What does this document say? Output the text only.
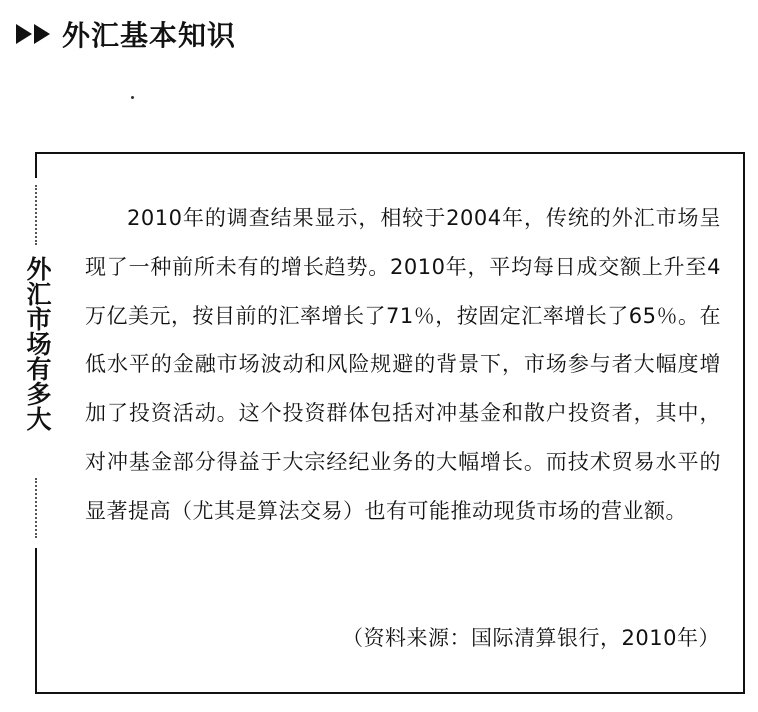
外汇基本知识
外汇市场有多大

2010年的调查结果显示，相较于2004年，传统的外汇市场呈现了一种前所未有的增长趋势。2010年，平均每日成交额上升至4万亿美元，按目前的汇率增长了71％，按固定汇率增长了65％。在低水平的金融市场波动和风险规避的背景下，市场参与者大幅度增加了投资活动。这个投资群体包括对冲基金和散户投资者，其中，对冲基金部分得益于大宗经纪业务的大幅增长。而技术贸易水平的显著提高（尤其是算法交易）也有可能推动现货市场的营业额。

（资料来源：国际清算银行，2010年）
